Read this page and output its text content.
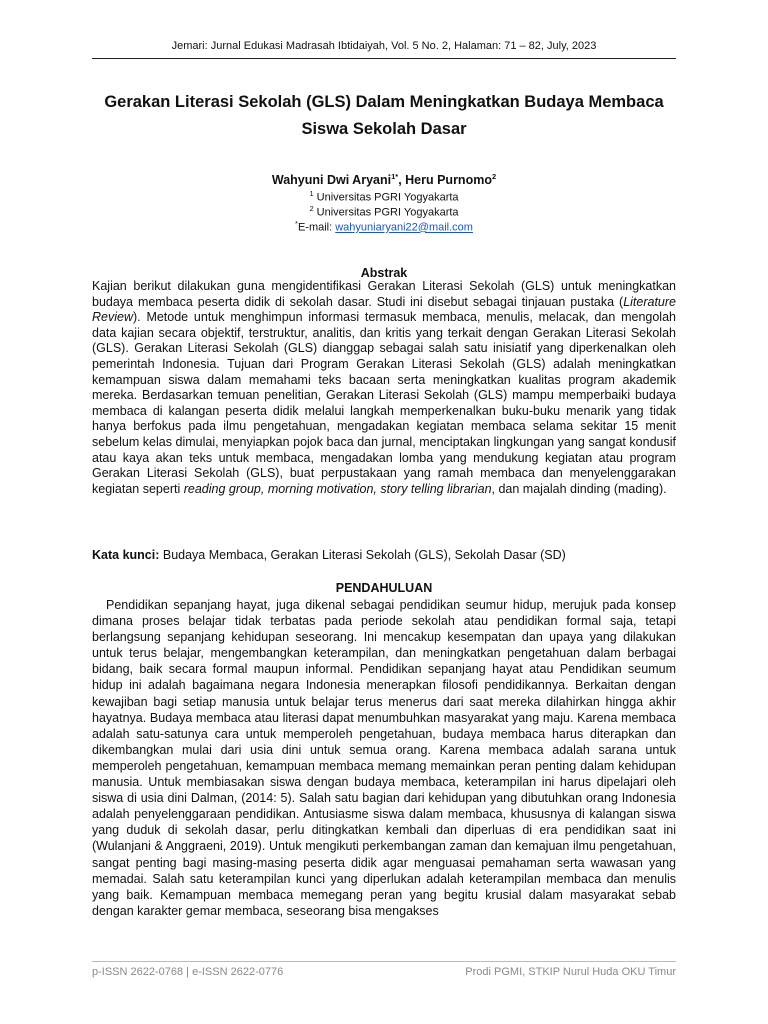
Jemari: Jurnal Edukasi Madrasah Ibtidaiyah, Vol. 5 No. 2, Halaman: 71 – 82, July, 2023
Gerakan Literasi Sekolah (GLS) Dalam Meningkatkan Budaya Membaca
Siswa Sekolah Dasar
Wahyuni Dwi Aryani$^{1*}$, Heru Purnomo$^2$
$^1$ Universitas PGRI Yogyakarta
$^2$ Universitas PGRI Yogyakarta
*E-mail: wahyuniaryani22@mail.com
Abstrak

Kajian berikut dilakukan guna mengidentifikasi Gerakan Literasi Sekolah (GLS) untuk meningkatkan budaya membaca peserta didik di sekolah dasar. Studi ini disebut sebagai tinjauan pustaka (Literature Review). Metode untuk menghimpun informasi termasuk membaca, menulis, melacak, dan mengolah data kajian secara objektif, terstruktur, analitis, dan kritis yang terkait dengan Gerakan Literasi Sekolah (GLS). Gerakan Literasi Sekolah (GLS) dianggap sebagai salah satu inisiatif yang diperkenalkan oleh pemerintah Indonesia. Tujuan dari Program Gerakan Literasi Sekolah (GLS) adalah meningkatkan kemampuan siswa dalam memahami teks bacaan serta meningkatkan kualitas program akademik mereka. Berdasarkan temuan penelitian, Gerakan Literasi Sekolah (GLS) mampu memperbaiki budaya membaca di kalangan peserta didik melalui langkah memperkenalkan buku-buku menarik yang tidak hanya berfokus pada ilmu pengetahuan, mengadakan kegiatan membaca selama sekitar 15 menit sebelum kelas dimulai, menyiapkan pojok baca dan jurnal, menciptakan lingkungan yang sangat kondusif atau kaya akan teks untuk membaca, mengadakan lomba yang mendukung kegiatan atau program Gerakan Literasi Sekolah (GLS), buat perpustakaan yang ramah membaca dan menyelenggarakan kegiatan seperti reading group, morning motivation, story telling librarian, dan majalah dinding (mading).

Kata kunci: Budaya Membaca, Gerakan Literasi Sekolah (GLS), Sekolah Dasar (SD)

PENDAHULUAN

Pendidikan sepanjang hayat, juga dikenal sebagai pendidikan seumur hidup, merujuk pada konsep dimana proses belajar tidak terbatas pada periode sekolah atau pendidikan formal saja, tetapi berlangsung sepanjang kehidupan seseorang. Ini mencakup kesempatan dan upaya yang dilakukan untuk terus belajar, mengembangkan keterampilan, dan meningkatkan pengetahuan dalam berbagai bidang, baik secara formal maupun informal. Pendidikan sepanjang hayat atau Pendidikan seumum hidup ini adalah bagaimana negara Indonesia menerapkan filosofi pendidikannya. Berkaitan dengan kewajiban bagi setiap manusia untuk belajar terus menerus dari saat mereka dilahirkan hingga akhir hayatnya. Budaya membaca atau literasi dapat menumbuhkan masyarakat yang maju. Karena membaca adalah satu-satunya cara untuk memperoleh pengetahuan, budaya membaca harus diterapkan dan dikembangkan mulai dari usia dini untuk semua orang. Karena membaca adalah sarana untuk memperoleh pengetahuan, kemampuan membaca memang memainkan peran penting dalam kehidupan manusia. Untuk membiasakan siswa dengan budaya membaca, keterampilan ini harus dipelajari oleh siswa di usia dini Dalman, (2014: 5). Salah satu bagian dari kehidupan yang dibutuhkan orang Indonesia adalah penyelenggaraan pendidikan. Antusiasme siswa dalam membaca, khususnya di kalangan siswa yang duduk di sekolah dasar, perlu ditingkatkan kembali dan diperluas di era pendidikan saat ini (Wulanjani & Anggraeni, 2019). Untuk mengikuti perkembangan zaman dan kemajuan ilmu pengetahuan, sangat penting bagi masing-masing peserta didik agar menguasai pemahaman serta wawasan yang memadai. Salah satu keterampilan kunci yang diperlukan adalah keterampilan membaca dan menulis yang baik. Kemampuan membaca memegang peran yang begitu krusial dalam masyarakat sebab dengan karakter gemar membaca, seseorang bisa mengakses

p-ISSN 2622-0768 | e-ISSN 2622-0776	Prodi PGMI, STKIP Nurul Huda OKU Timur
